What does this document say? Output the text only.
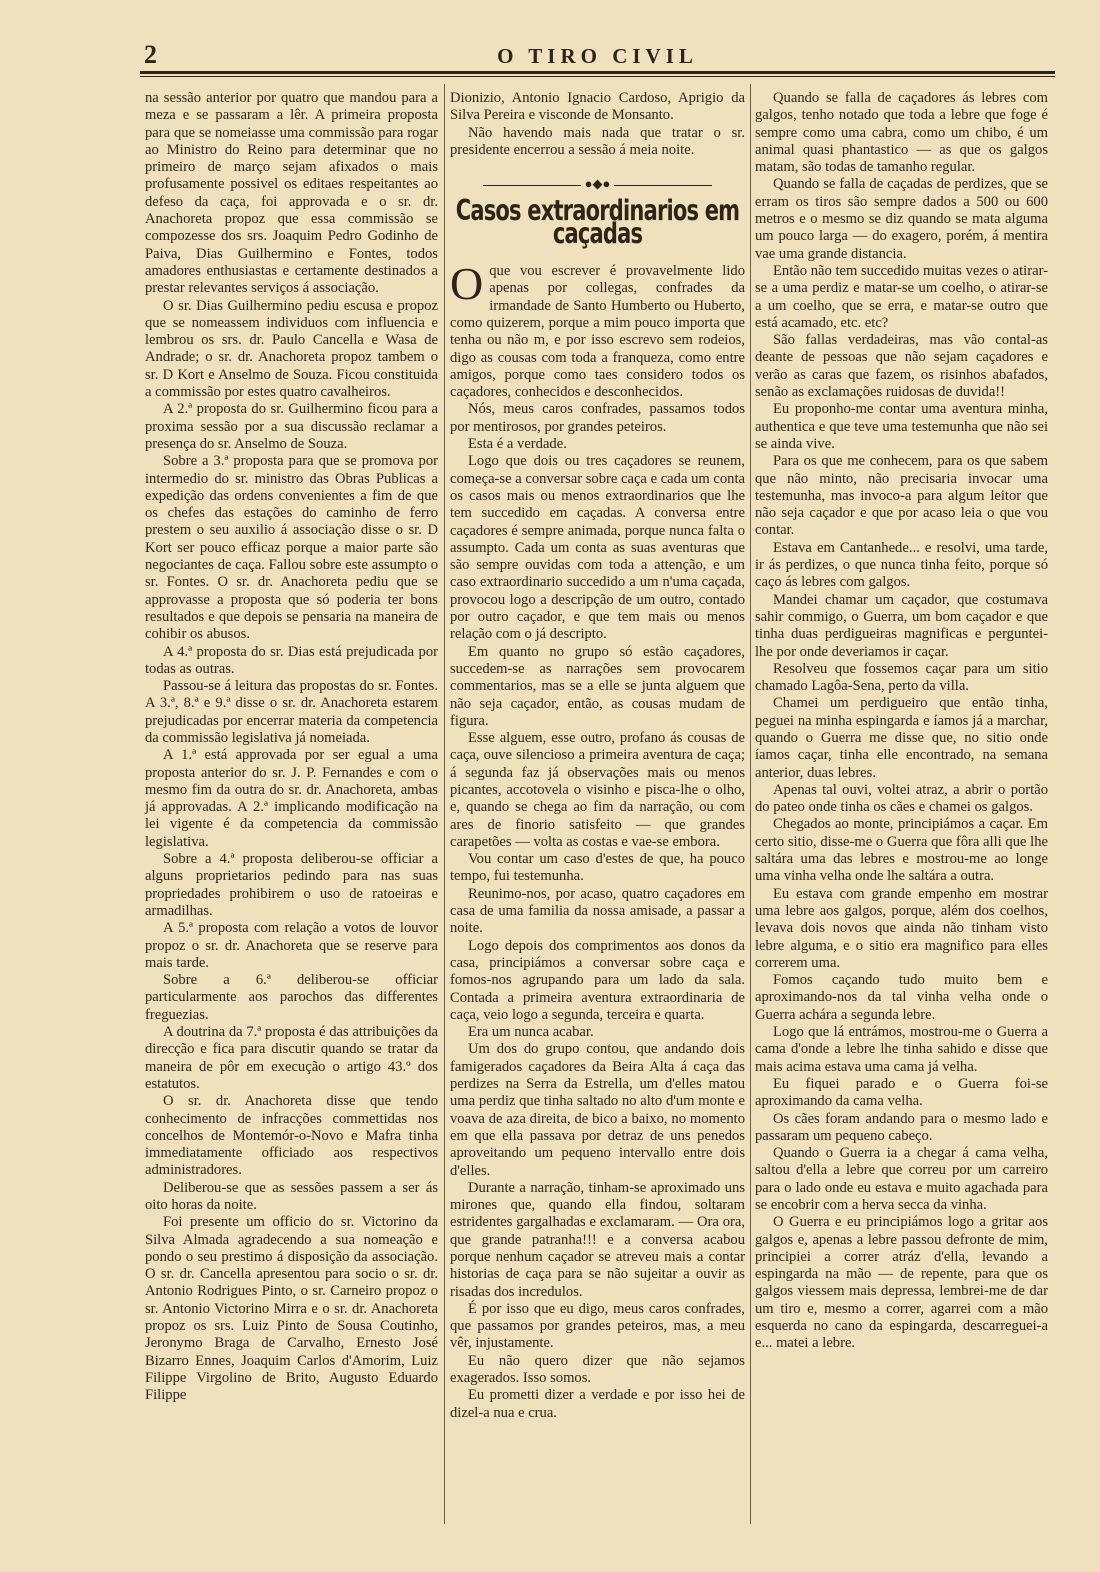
2	O TIRO CIVIL

na sessão anterior por quatro que mandou para a meza e se passaram a lêr. A primeira proposta para que se nomeiasse uma commissão para rogar ao Ministro do Reino para determinar que no primeiro de março sejam afixados o mais profusamente possivel os editaes respeitantes ao defeso da caça, foi approvada e o sr. dr. Anachoreta propoz que essa commissão se compozesse dos srs. Joaquim Pedro Godinho de Paiva, Dias Guilhermino e Fontes, todos amadores enthusiastas e certamente destinados a prestar relevantes serviços á associação.

O sr. Dias Guilhermino pediu escusa e propoz que se nomeassem individuos com influencia e lembrou os srs. dr. Paulo Cancella e Wasa de Andrade; o sr. dr. Anachoreta propoz tambem o sr. D Kort e Anselmo de Souza. Ficou constituida a commissão por estes quatro cavalheiros.

A 2.ª proposta do sr. Guilhermino ficou para a proxima sessão por a sua discussão reclamar a presença do sr. Anselmo de Souza.

Sobre a 3.ª proposta para que se promova por intermedio do sr. ministro das Obras Publicas a expedição das ordens convenientes a fim de que os chefes das estações do caminho de ferro prestem o seu auxilio á associação disse o sr. D Kort ser pouco efficaz porque a maior parte são negociantes de caça. Fallou sobre este assumpto o sr. Fontes. O sr. dr. Anachoreta pediu que se approvasse a proposta que só poderia ter bons resultados e que depois se pensaria na maneira de cohibir os abusos.

A 4.ª proposta do sr. Dias está prejudicada por todas as outras.

Passou-se á leitura das propostas do sr. Fontes. A 3.ª, 8.ª e 9.ª disse o sr. dr. Anachoreta estarem prejudicadas por encerrar materia da competencia da commissão legislativa já nomeiada.

A 1.ª está approvada por ser egual a uma proposta anterior do sr. J. P. Fernandes e com o mesmo fim da outra do sr. dr. Anachoreta, ambas já approvadas. A 2.ª implicando modificação na lei vigente é da competencia da commissão legislativa.

Sobre a 4.ª proposta deliberou-se officiar a alguns proprietarios pedindo para nas suas propriedades prohibirem o uso de ratoeiras e armadilhas.

A 5.ª proposta com relação a votos de louvor propoz o sr. dr. Anachoreta que se reserve para mais tarde.

Sobre a 6.ª deliberou-se officiar particularmente aos parochos das differentes freguezias.

A doutrina da 7.ª proposta é das attribuições da direcção e fica para discutir quando se tratar da maneira de pôr em execução o artigo 43.º dos estatutos.

O sr. dr. Anachoreta disse que tendo conhecimento de infracções commettidas nos concelhos de Montemór-o-Novo e Mafra tinha immediatamente officiado aos respectivos administradores.

Deliberou-se que as sessões passem a ser ás oito horas da noite.

Foi presente um officio do sr. Victorino da Silva Almada agradecendo a sua nomeação e pondo o seu prestimo á disposição da associação. O sr. dr. Cancella apresentou para socio o sr. dr. Antonio Rodrigues Pinto, o sr. Carneiro propoz o sr. Antonio Victorino Mirra e o sr. dr. Anachoreta propoz os srs. Luiz Pinto de Sousa Coutinho, Jeronymo Braga de Carvalho, Ernesto José Bizarro Ennes, Joaquim Carlos d'Amorim, Luiz Filippe Virgolino de Brito, Augusto Eduardo Filippe

Dionizio, Antonio Ignacio Cardoso, Aprigio da Silva Pereira e visconde de Monsanto.

Não havendo mais nada que tratar o sr. presidente encerrou a sessão á meia noite.

●◆●
Casos extraordinarios em caçadas

Oque vou escrever é provavelmente lido apenas por collegas, confrades da irmandade de Santo Humberto ou Huberto, como quizerem, porque a mim pouco importa que tenha ou não m, e por isso escrevo sem rodeios, digo as cousas com toda a franqueza, como entre amigos, porque como taes considero todos os caçadores, conhecidos e desconhecidos.

Nós, meus caros confrades, passamos todos por mentirosos, por grandes peteiros.

Esta é a verdade.

Logo que dois ou tres caçadores se reunem, começa-se a conversar sobre caça e cada um conta os casos mais ou menos extraordinarios que lhe tem succedido em caçadas. A conversa entre caçadores é sempre animada, porque nunca falta o assumpto. Cada um conta as suas aventuras que são sempre ouvidas com toda a attenção, e um caso extraordinario succedido a um n'uma caçada, provocou logo a descripção de um outro, contado por outro caçador, e que tem mais ou menos relação com o já descripto.

Em quanto no grupo só estão caçadores, succedem-se as narrações sem provocarem commentarios, mas se a elle se junta alguem que não seja caçador, então, as cousas mudam de figura.

Esse alguem, esse outro, profano ás cousas de caça, ouve silencioso a primeira aventura de caça; á segunda faz já observações mais ou menos picantes, accotovela o visinho e pisca-lhe o olho, e, quando se chega ao fim da narração, ou com ares de finorio satisfeito — que grandes carapetões — volta as costas e vae-se embora.

Vou contar um caso d'estes de que, ha pouco tempo, fui testemunha.

Reunimo-nos, por acaso, quatro caçadores em casa de uma familia da nossa amisade, a passar a noite.

Logo depois dos comprimentos aos donos da casa, principiámos a conversar sobre caça e fomos-nos agrupando para um lado da sala. Contada a primeira aventura extraordinaria de caça, veio logo a segunda, terceira e quarta.

Era um nunca acabar.

Um dos do grupo contou, que andando dois famigerados caçadores da Beira Alta á caça das perdizes na Serra da Estrella, um d'elles matou uma perdiz que tinha saltado no alto d'um monte e voava de aza direita, de bico a baixo, no momento em que ella passava por detraz de uns penedos aproveitando um pequeno intervallo entre dois d'elles.

Durante a narração, tinham-se aproximado uns mirones que, quando ella findou, soltaram estridentes gargalhadas e exclamaram. — Ora ora, que grande patranha!!! e a conversa acabou porque nenhum caçador se atreveu mais a contar historias de caça para se não sujeitar a ouvir as risadas dos incredulos.

É por isso que eu digo, meus caros confrades, que passamos por grandes peteiros, mas, a meu vêr, injustamente.

Eu não quero dizer que não sejamos exagerados. Isso somos.

Eu prometti dizer a verdade e por isso hei de dizel-a nua e crua.

Quando se falla de caçadores ás lebres com galgos, tenho notado que toda a lebre que foge é sempre como uma cabra, como um chibo, é um animal quasi phantastico — as que os galgos matam, são todas de tamanho regular.

Quando se falla de caçadas de perdizes, que se erram os tiros são sempre dados a 500 ou 600 metros e o mesmo se diz quando se mata alguma um pouco larga — do exagero, porém, á mentira vae uma grande distancia.

Então não tem succedido muitas vezes o atirar-se a uma perdiz e matar-se um coelho, o atirar-se a um coelho, que se erra, e matar-se outro que está acamado, etc. etc?

São fallas verdadeiras, mas vão contal-as deante de pessoas que não sejam caçadores e verão as caras que fazem, os risinhos abafados, senão as exclamações ruidosas de duvida!!

Eu proponho-me contar uma aventura minha, authentica e que teve uma testemunha que não sei se ainda vive.

Para os que me conhecem, para os que sabem que não minto, não precisaria invocar uma testemunha, mas invoco-a para algum leitor que não seja caçador e que por acaso leia o que vou contar.

Estava em Cantanhede... e resolvi, uma tarde, ir ás perdizes, o que nunca tinha feito, porque só caço ás lebres com galgos.

Mandei chamar um caçador, que costumava sahir commigo, o Guerra, um bom caçador e que tinha duas perdigueiras magnificas e perguntei-lhe por onde deveriamos ir caçar.

Resolveu que fossemos caçar para um sitio chamado Lagôa-Sena, perto da villa.

Chamei um perdigueiro que então tinha, peguei na minha espingarda e íamos já a marchar, quando o Guerra me disse que, no sitio onde íamos caçar, tinha elle encontrado, na semana anterior, duas lebres.

Apenas tal ouvi, voltei atraz, a abrir o portão do pateo onde tinha os cães e chamei os galgos.

Chegados ao monte, principiámos a caçar. Em certo sitio, disse-me o Guerra que fôra alli que lhe saltára uma das lebres e mostrou-me ao longe uma vinha velha onde lhe saltára a outra.

Eu estava com grande empenho em mostrar uma lebre aos galgos, porque, além dos coelhos, levava dois novos que ainda não tinham visto lebre alguma, e o sitio era magnifico para elles correrem uma.

Fomos caçando tudo muito bem e aproximando-nos da tal vinha velha onde o Guerra achára a segunda lebre.

Logo que lá entrámos, mostrou-me o Guerra a cama d'onde a lebre lhe tinha sahido e disse que mais acima estava uma cama já velha.

Eu fiquei parado e o Guerra foi-se aproximando da cama velha.

Os cães foram andando para o mesmo lado e passaram um pequeno cabeço.

Quando o Guerra ia a chegar á cama velha, saltou d'ella a lebre que correu por um carreiro para o lado onde eu estava e muito agachada para se encobrir com a herva secca da vinha.

O Guerra e eu principiámos logo a gritar aos galgos e, apenas a lebre passou defronte de mim, principiei a correr atráz d'ella, levando a espingarda na mão — de repente, para que os galgos viessem mais depressa, lembrei-me de dar um tiro e, mesmo a correr, agarrei com a mão esquerda no cano da espingarda, descarreguei-a e... matei a lebre.
